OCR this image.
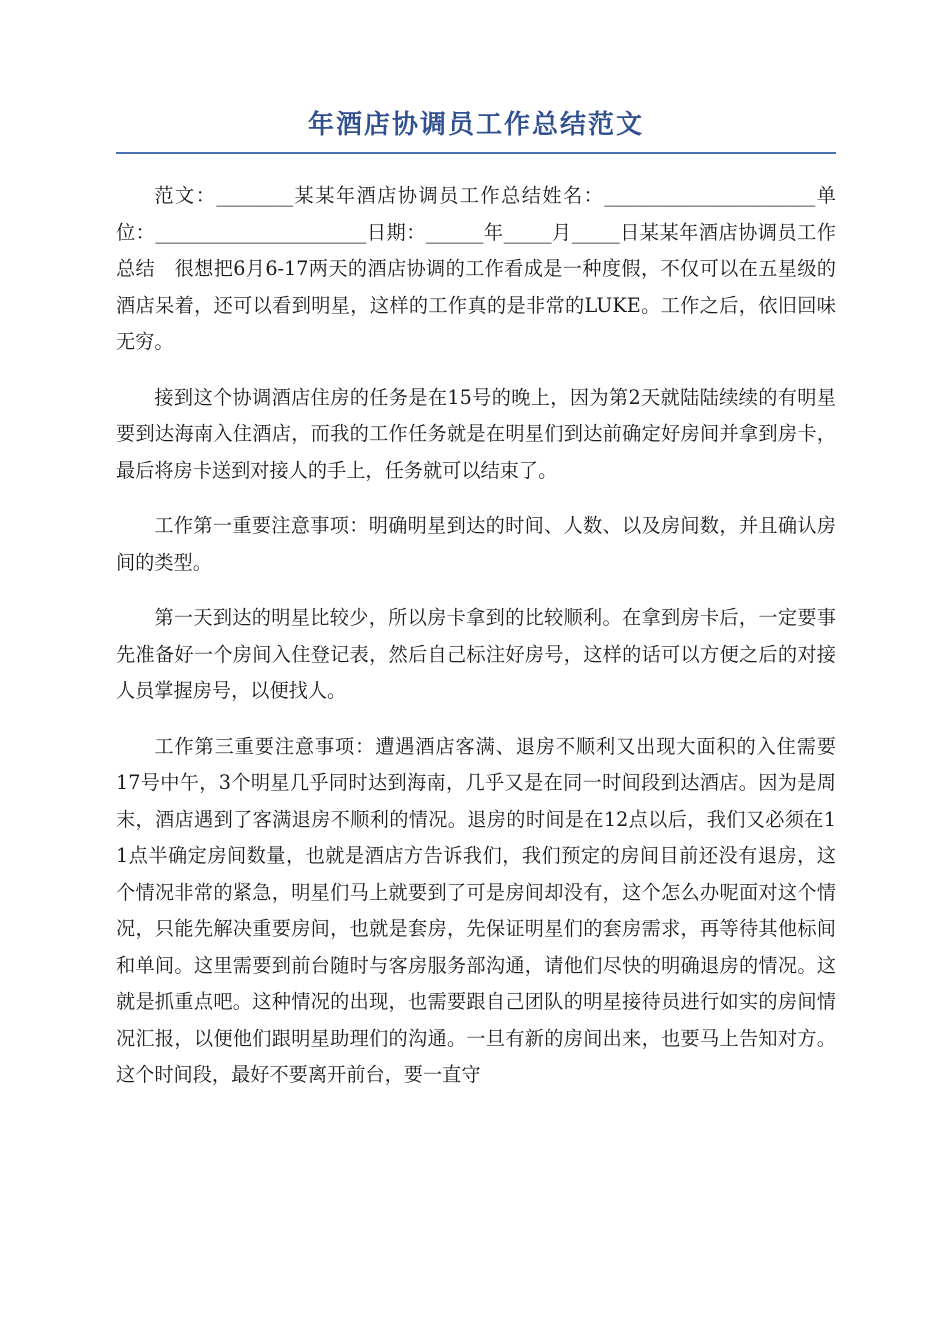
年酒店协调员工作总结范文

范文：________某某年酒店协调员工作总结姓名：______________________单位：______________________日期：______年_____月_____日某某年酒店协调员工作总结　很想把6月6-17两天的酒店协调的工作看成是一种度假，不仅可以在五星级的酒店呆着，还可以看到明星，这样的工作真的是非常的LUKE。工作之后，依旧回味无穷。

接到这个协调酒店住房的任务是在15号的晚上，因为第2天就陆陆续续的有明星要到达海南入住酒店，而我的工作任务就是在明星们到达前确定好房间并拿到房卡，最后将房卡送到对接人的手上，任务就可以结束了。

工作第一重要注意事项：明确明星到达的时间、人数、以及房间数，并且确认房间的类型。

第一天到达的明星比较少，所以房卡拿到的比较顺利。在拿到房卡后，一定要事先准备好一个房间入住登记表，然后自己标注好房号，这样的话可以方便之后的对接人员掌握房号，以便找人。

工作第三重要注意事项：遭遇酒店客满、退房不顺利又出现大面积的入住需要　17号中午，3个明星几乎同时达到海南，几乎又是在同一时间段到达酒店。因为是周末，酒店遇到了客满退房不顺利的情况。退房的时间是在12点以后，我们又必须在11点半确定房间数量，也就是酒店方告诉我们，我们预定的房间目前还没有退房，这个情况非常的紧急，明星们马上就要到了可是房间却没有，这个怎么办呢面对这个情况，只能先解决重要房间，也就是套房，先保证明星们的套房需求，再等待其他标间和单间。这里需要到前台随时与客房服务部沟通，请他们尽快的明确退房的情况。这就是抓重点吧。这种情况的出现，也需要跟自己团队的明星接待员进行如实的房间情况汇报，以便他们跟明星助理们的沟通。一旦有新的房间出来，也要马上告知对方。这个时间段，最好不要离开前台，要一直守
